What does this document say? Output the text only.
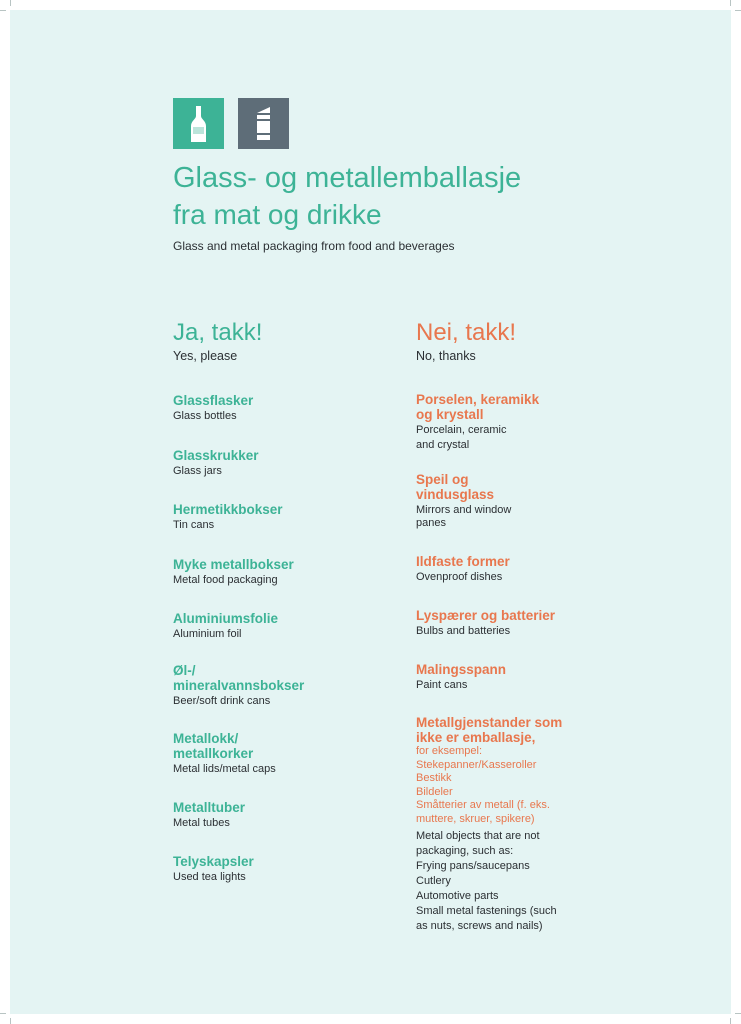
Glass- og metallemballasje
fra mat og drikke
Glass and metal packaging from food and beverages
Ja, takk!
Yes, please
Nei, takk!
No, thanks
Glassflasker
Glass bottles
Glasskrukker
Glass jars
Hermetikkbokser
Tin cans
Myke metallbokser
Metal food packaging
Aluminiumsfolie
Aluminium foil
Øl-/
mineralvannsbokser
Beer/soft drink cans
Metallokk/
metallkorker
Metal lids/metal caps
Metalltuber
Metal tubes
Telyskapsler
Used tea lights
Porselen, keramikk
og krystall
Porcelain, ceramic
and crystal
Speil og
vindusglass
Mirrors and window
panes
Ildfaste former
Ovenproof dishes
Lyspærer og batterier
Bulbs and batteries
Malingsspann
Paint cans
Metallgjenstander som
ikke er emballasje,
for eksempel:
Stekepanner/Kasseroller
Bestikk
Bildeler
Småtterier av metall (f. eks.
muttere, skruer, spikere)
Metal objects that are not
packaging, such as:
Frying pans/saucepans
Cutlery
Automotive parts
Small metal fastenings (such
as nuts, screws and nails)
